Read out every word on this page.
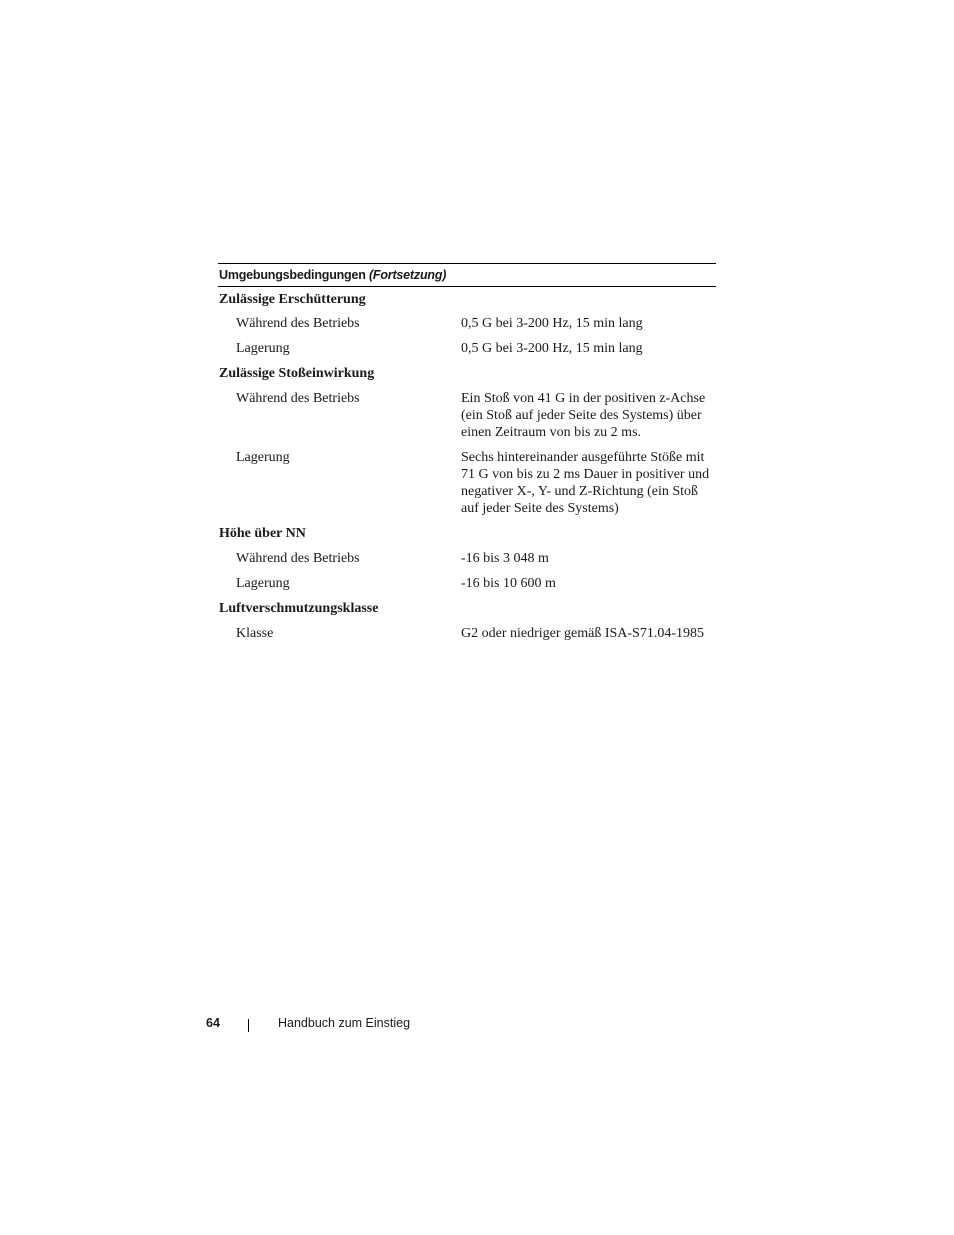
Umgebungsbedingungen (Fortsetzung)
Zulässige Erschütterung
Während des Betriebs	0,5 G bei 3-200 Hz, 15 min lang
Lagerung	0,5 G bei 3-200 Hz, 15 min lang
Zulässige Stoßeinwirkung
Während des Betriebs	Ein Stoß von 41 G in der positiven z-Achse (ein Stoß auf jeder Seite des Systems) über einen Zeitraum von bis zu 2 ms.
Lagerung	Sechs hintereinander ausgeführte Stöße mit 71 G von bis zu 2 ms Dauer in positiver und negativer X-, Y- und Z-Richtung (ein Stoß auf jeder Seite des Systems)
Höhe über NN
Während des Betriebs	-16 bis 3 048 m
Lagerung	-16 bis 10 600 m
Luftverschmutzungsklasse
Klasse	G2 oder niedriger gemäß ISA-S71.04-1985
64	Handbuch zum Einstieg
